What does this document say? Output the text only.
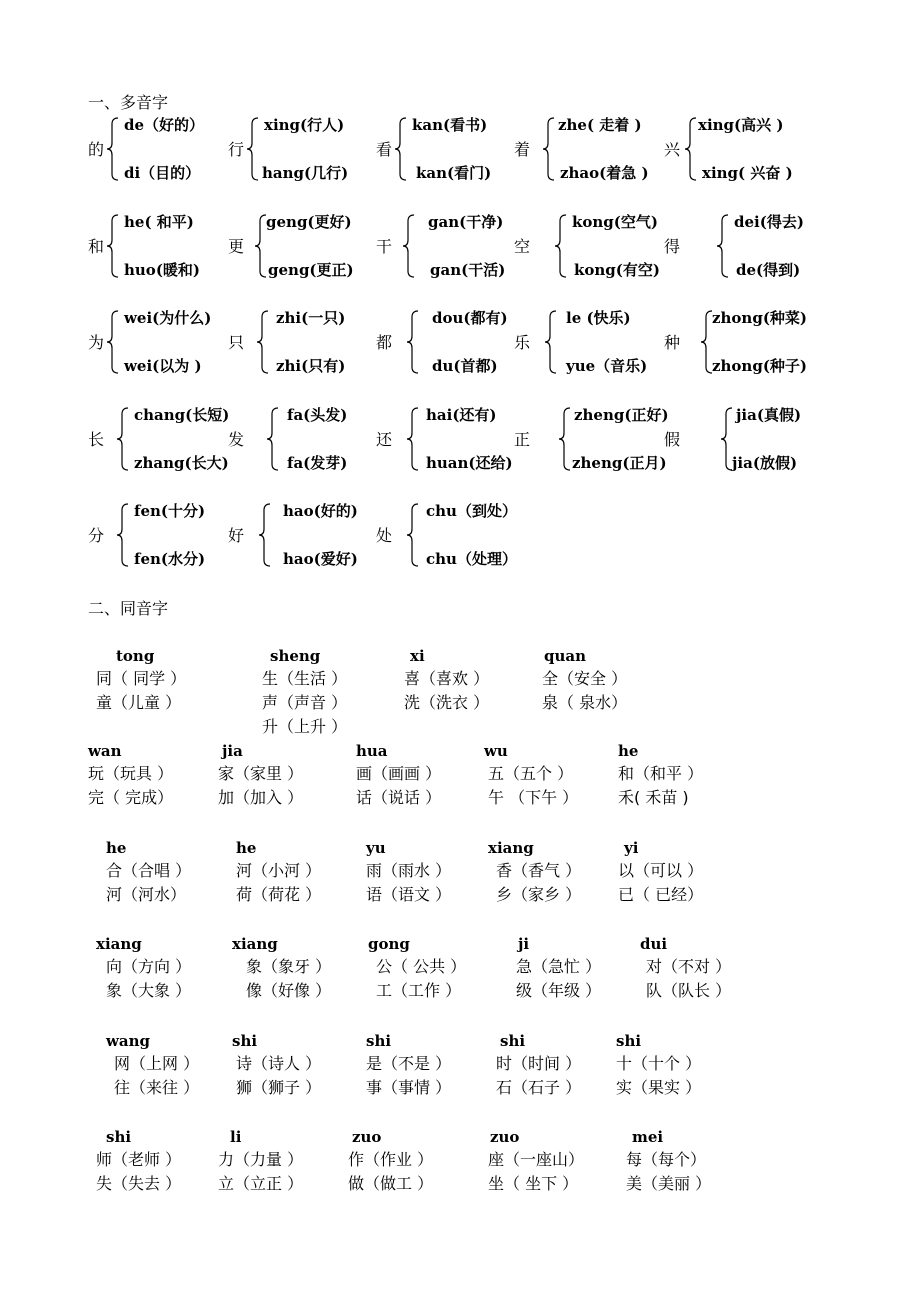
一、多音字
的
de（好的）
di（目的）
行
xing(行人)
hang(几行)
看
kan(看书)
kan(看门)
着
zhe( 走着 )
zhao(着急 )
兴
xing(高兴 )
xing( 兴奋 )
和
he( 和平)
huo(暖和)
更
geng(更好)
geng(更正)
干
gan(干净)
gan(干活)
空
kong(空气)
kong(有空)
得
dei(得去)
de(得到)
为
wei(为什么)
wei(以为 )
只
zhi(一只)
zhi(只有)
都
dou(都有)
du(首都)
乐
le (快乐)
yue（音乐)
种
zhong(种菜)
zhong(种子)
长
chang(长短)
zhang(长大)
发
fa(头发)
fa(发芽)
还
hai(还有)
huan(还给)
正
zheng(正好)
zheng(正月)
假
jia(真假)
jia(放假)
分
fen(十分)
fen(水分)
好
hao(好的)
hao(爱好)
处
chu（到处）
chu（处理）
二、同音字
tong
同（ 同学 ）
童（儿童 ）
sheng
生（生活 ）
声（声音 ）
升（上升 ）
xi
喜（喜欢 ）
洗（洗衣 ）
quan
全（安全 ）
泉（ 泉水）
wan
玩（玩具 ）
完（ 完成）
jia
家（家里 ）
加（加入 ）
hua
画（画画 ）
话（说话 ）
wu
五（五个 ）
午 （下午 ）
he
和（和平 ）
禾( 禾苗 )
he
合（合唱 ）
河（河水）
he
河（小河 ）
荷（荷花 ）
yu
雨（雨水 ）
语（语文 ）
xiang
香（香气 ）
乡（家乡 ）
yi
以（可以 ）
已（ 已经）
xiang
向（方向 ）
象（大象 ）
xiang
象（象牙 ）
像（好像 ）
gong
公（ 公共 ）
工（工作 ）
ji
急（急忙 ）
级（年级 ）
dui
对（不对 ）
队（队长 ）
wang
网（上网 ）
往（来往 ）
shi
诗（诗人 ）
狮（狮子 ）
shi
是（不是 ）
事（事情 ）
shi
时（时间 ）
石（石子 ）
shi
十（十个 ）
实（果实 ）
shi
师（老师 ）
失（失去 ）
li
力（力量 ）
立（立正 ）
zuo
作（作业 ）
做（做工 ）
zuo
座（一座山）
坐（ 坐下 ）
mei
每（每个）
美（美丽 ）
